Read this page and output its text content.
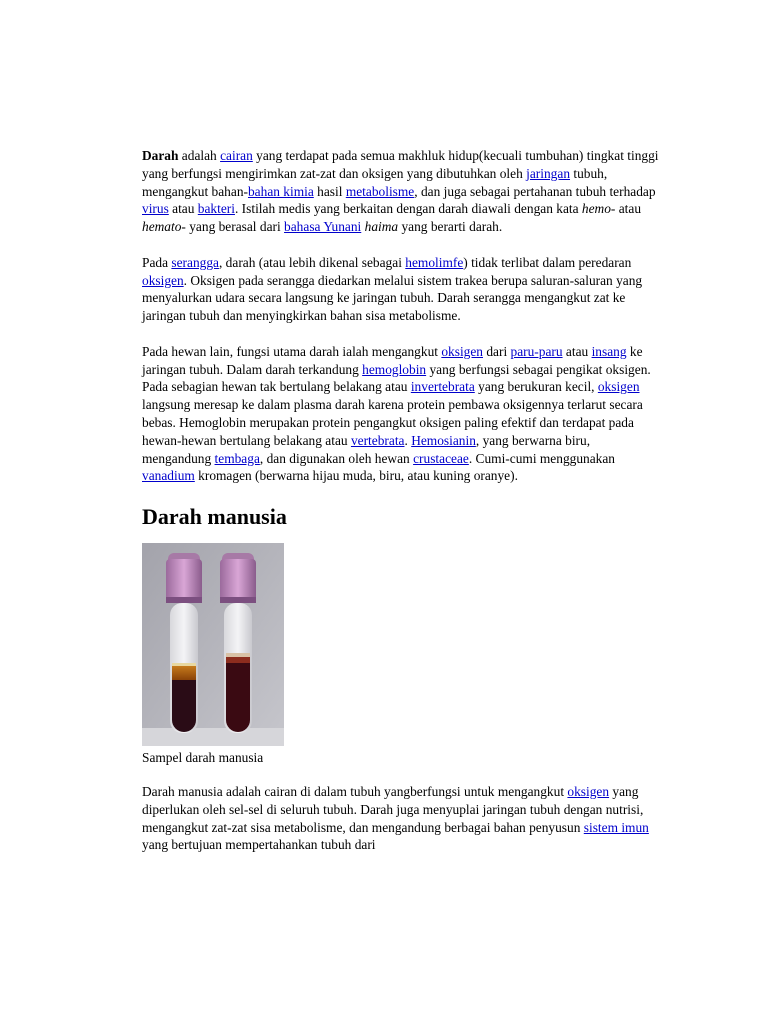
Darah adalah cairan yang terdapat pada semua makhluk hidup(kecuali tumbuhan) tingkat tinggi yang berfungsi mengirimkan zat-zat dan oksigen yang dibutuhkan oleh jaringan tubuh, mengangkut bahan-bahan kimia hasil metabolisme, dan juga sebagai pertahanan tubuh terhadap virus atau bakteri. Istilah medis yang berkaitan dengan darah diawali dengan kata hemo- atau hemato- yang berasal dari bahasa Yunani haima yang berarti darah.

Pada serangga, darah (atau lebih dikenal sebagai hemolimfe) tidak terlibat dalam peredaran oksigen. Oksigen pada serangga diedarkan melalui sistem trakea berupa saluran-saluran yang menyalurkan udara secara langsung ke jaringan tubuh. Darah serangga mengangkut zat ke jaringan tubuh dan menyingkirkan bahan sisa metabolisme.

Pada hewan lain, fungsi utama darah ialah mengangkut oksigen dari paru-paru atau insang ke jaringan tubuh. Dalam darah terkandung hemoglobin yang berfungsi sebagai pengikat oksigen. Pada sebagian hewan tak bertulang belakang atau invertebrata yang berukuran kecil, oksigen langsung meresap ke dalam plasma darah karena protein pembawa oksigennya terlarut secara bebas. Hemoglobin merupakan protein pengangkut oksigen paling efektif dan terdapat pada hewan-hewan bertulang belakang atau vertebrata. Hemosianin, yang berwarna biru, mengandung tembaga, dan digunakan oleh hewan crustaceae. Cumi-cumi menggunakan vanadium kromagen (berwarna hijau muda, biru, atau kuning oranye).

Darah manusia

Sampel darah manusia

Darah manusia adalah cairan di dalam tubuh yangberfungsi untuk mengangkut oksigen yang diperlukan oleh sel-sel di seluruh tubuh. Darah juga menyuplai jaringan tubuh dengan nutrisi, mengangkut zat-zat sisa metabolisme, dan mengandung berbagai bahan penyusun sistem imun yang bertujuan mempertahankan tubuh dari
